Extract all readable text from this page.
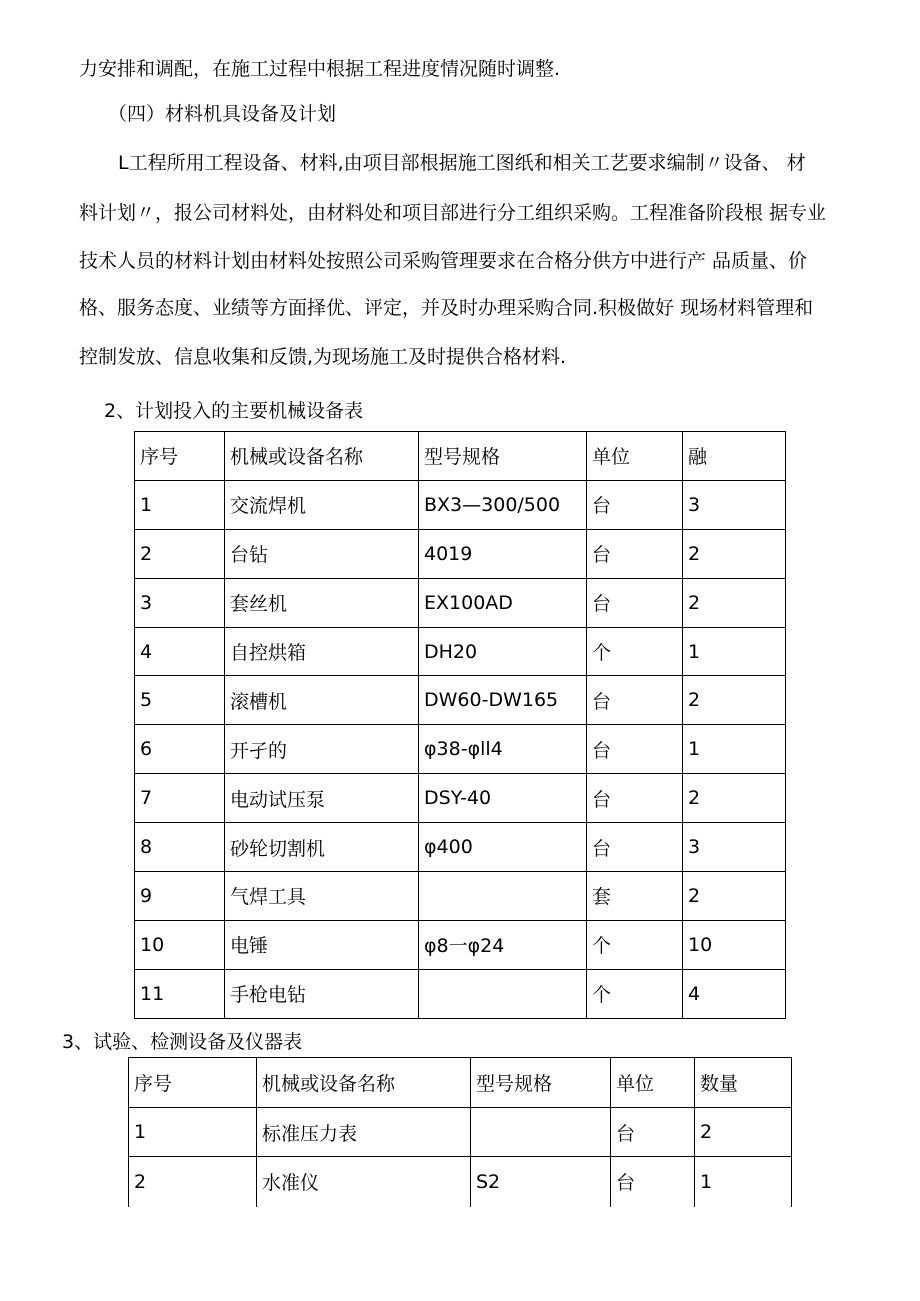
力安排和调配，在施工过程中根据工程进度情况随时调整.
（四）材料机具设备及计划
L工程所用工程设备、材料,由项目部根据施工图纸和相关工艺要求编制〃设备、 材
料计划〃，报公司材料处，由材料处和项目部进行分工组织采购。工程准备阶段根 据专业
技术人员的材料计划由材料处按照公司采购管理要求在合格分供方中进行产 品质量、价
格、服务态度、业绩等方面择优、评定，并及时办理采购合同.积极做好 现场材料管理和
控制发放、信息收集和反馈,为现场施工及时提供合格材料.
2、计划投入的主要机械设备表
序号	机械或设备名称	型号规格	单位	融
1	交流焊机	BX3—300/500	台	3
2	台钻	4019	台	2
3	套丝机	EX100AD	台	2
4	自控烘箱	DH20	个	1
5	滚槽机	DW60-DW165	台	2
6	开孑的	φ38-φll4	台	1
7	电动试压泵	DSY-40	台	2
8	砂轮切割机	φ400	台	3
9	气焊工具		套	2
10	电锤	φ8一φ24	个	10
11	手枪电钻		个	4
3、试验、检测设备及仪器表
序号	机械或设备名称	型号规格	单位	数量
1	标准压力表		台	2
2	水准仪	S2	台	1
